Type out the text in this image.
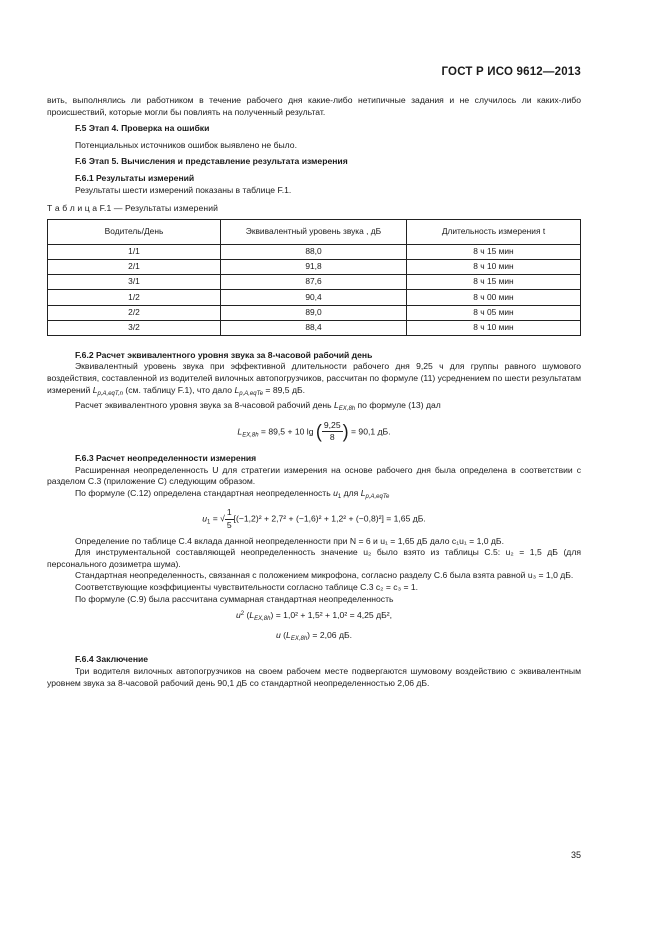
ГОСТ Р ИСО 9612—2013

вить, выполнялись ли работником в течение рабочего дня какие-либо нетипичные задания и не случилось ли каких-либо происшествий, которые могли бы повлиять на полученный результат.

F.5 Этап 4. Проверка на ошибки

Потенциальных источников ошибок выявлено не было.

F.6 Этап 5. Вычисления и представление результата измерения

F.6.1 Результаты измерений

Результаты шести измерений показаны в таблице F.1.

Т а б л и ц а F.1 — Результаты измерений

Водитель/День	Эквивалентный уровень звука , дБ	Длительность измерения t
1/1	88,0	8 ч 15 мин
2/1	91,8	8 ч 10 мин
3/1	87,6	8 ч 15 мин
1/2	90,4	8 ч 00 мин
2/2	89,0	8 ч 05 мин
3/2	88,4	8 ч 10 мин

F.6.2 Расчет эквивалентного уровня звука за 8-часовой рабочий день

Эквивалентный уровень звука при эффективной длительности рабочего дня 9,25 ч для группы равного шумового воздействия, составленной из водителей вилочных автопогрузчиков, рассчитан по формуле (11) усреднением по шести результатам измерений $L_{p,A,eqT,n}$ (см. таблицу F.1), что дало $L_{p,A,eqTe} = 89,5$ дБ.

Расчет эквивалентного уровня звука за 8-часовой рабочий день $L_{EX,8h}$ по формуле (13) дал

$L_{EX,8h} = 89,5 + 10$ lg ( $\frac{9,25}{8}$ ) = 90,1 дБ.

F.6.3 Расчет неопределенности измерения

Расширенная неопределенность U для стратегии измерения на основе рабочего дня была определена в соответствии с разделом С.3 (приложение С) следующим образом.

По формуле (С.12) определена стандартная неопределенность $u_1$ для $L_{p,A,eqTe}$

$u_1$ = √ $\frac{1}{5} [(-1,2)^2 + 2,7^2 + (-1,6)^2 + 1,2^2 + (-0,8)^2] = 1,65$ дБ.

Определение по таблице С.4 вклада данной неопределенности при N = 6 и u₁ = 1,65 дБ дало c₁u₁ = 1,0 дБ.

Для инструментальной составляющей неопределенность значение u₂ было взято из таблицы С.5: u₂ = 1,5 дБ (для персонального дозиметра шума).

Стандартная неопределенность, связанная с положением микрофона, согласно разделу С.6 была взята равной u₃ = 1,0 дБ.

Соответствующие коэффициенты чувствительности согласно таблице С.3 c₂ = c₃ = 1.

По формуле (С.9) была рассчитана суммарная стандартная неопределенность

$u^2$ $(L_{EX,8h}) = 1,0^2 + 1,5^2 + 1,0^2 = 4,25$ дБ²,
u $(L_{EX,8h}) = 2,06$ дБ.

F.6.4 Заключение

Три водителя вилочных автопогрузчиков на своем рабочем месте подвергаются шумовому воздействию с эквивалентным уровнем звука за 8-часовой рабочий день 90,1 дБ со стандартной неопределенностью 2,06 дБ.

35
